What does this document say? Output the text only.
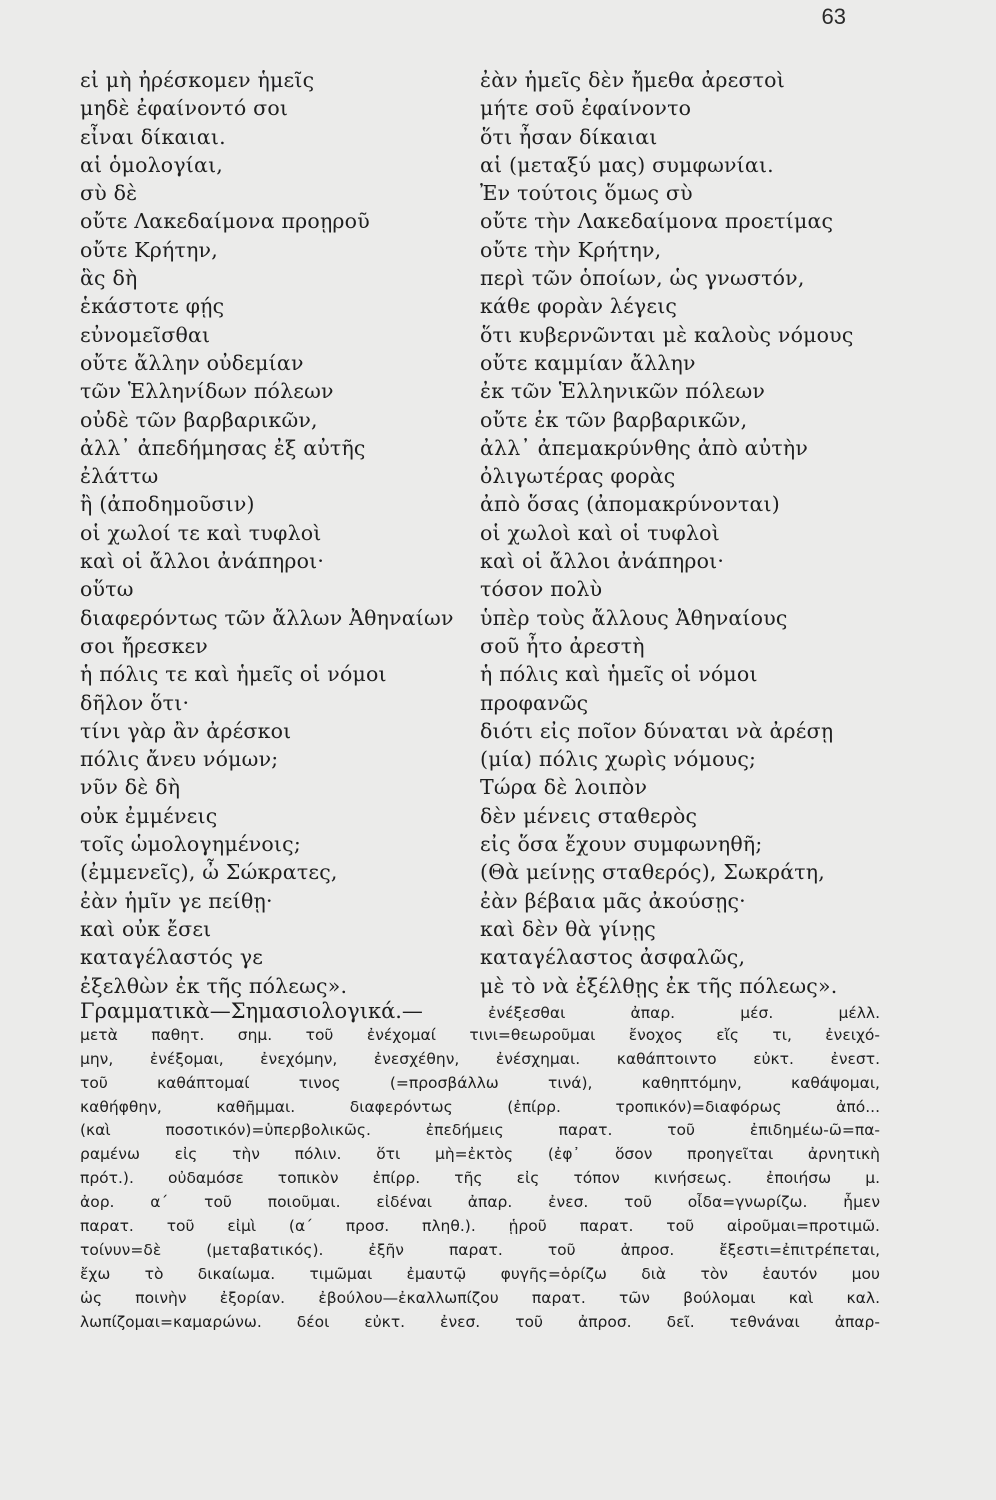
63
εἰ μὴ ἠρέσκομεν ἡμεῖς
μηδὲ ἐφαίνοντό σοι
εἶναι δίκαιαι.
αἱ ὁμολογίαι,
σὺ δὲ
οὔτε Λακεδαίμονα προῃροῦ
οὔτε Κρήτην,
ἃς δὴ
ἑκάστοτε φῄς
εὐνομεῖσθαι
οὔτε ἄλλην οὐδεμίαν
τῶν Ἑλληνίδων πόλεων
οὐδὲ τῶν βαρβαρικῶν,
ἀλλ᾽ ἀπεδήμησας ἐξ αὐτῆς
ἐλάττω
ἢ (ἀποδημοῦσιν)
οἱ χωλοί τε καὶ τυφλοὶ
καὶ οἱ ἄλλοι ἀνάπηροι·
οὕτω
διαφερόντως τῶν ἄλλων Ἀθηναίων
σοι ἤρεσκεν
ἡ πόλις τε καὶ ἡμεῖς οἱ νόμοι
δῆλον ὅτι·
τίνι γὰρ ἂν ἀρέσκοι
πόλις ἄνευ νόμων;
νῦν δὲ δὴ
οὐκ ἐμμένεις
τοῖς ὡμολογημένοις;
(ἐμμενεῖς), ὦ Σώκρατες,
ἐὰν ἡμῖν γε πείθῃ·
καὶ οὐκ ἔσει
καταγέλαστός γε
ἐξελθὼν ἐκ τῆς πόλεως».
ἐὰν ἡμεῖς δὲν ἤμεθα ἀρεστοὶ
μήτε σοῦ ἐφαίνοντο
ὅτι ἦσαν δίκαιαι
αἱ (μεταξύ μας) συμφωνίαι.
Ἐν τούτοις ὅμως σὺ
οὔτε τὴν Λακεδαίμονα προετίμας
οὔτε τὴν Κρήτην,
περὶ τῶν ὁποίων, ὡς γνωστόν,
κάθε φορὰν λέγεις
ὅτι κυβερνῶνται μὲ καλοὺς νόμους
οὔτε καμμίαν ἄλλην
ἐκ τῶν Ἑλληνικῶν πόλεων
οὔτε ἐκ τῶν βαρβαρικῶν,
ἀλλ᾽ ἀπεμακρύνθης ἀπὸ αὐτὴν
ὀλιγωτέρας φορὰς
ἀπὸ ὅσας (ἀπομακρύνονται)
οἱ χωλοὶ καὶ οἱ τυφλοὶ
καὶ οἱ ἄλλοι ἀνάπηροι·
τόσον πολὺ
ὑπὲρ τοὺς ἄλλους Ἀθηναίους
σοῦ ἦτο ἀρεστὴ
ἡ πόλις καὶ ἡμεῖς οἱ νόμοι
προφανῶς
διότι εἰς ποῖον δύναται νὰ ἀρέσῃ
(μία) πόλις χωρὶς νόμους;
Τώρα δὲ λοιπὸν
δὲν μένεις σταθερὸς
εἰς ὅσα ἔχουν συμφωνηθῆ;
(Θὰ μείνῃς σταθερός), Σωκράτη,
ἐὰν βέβαια μᾶς ἀκούσῃς·
καὶ δὲν θὰ γίνῃς
καταγέλαστος ἀσφαλῶς,
μὲ τὸ νὰ ἐξέλθῃς ἐκ τῆς πόλεως».
Γραμματικὰ—Σημασιολογικά.—	ἐνέξεσθαι ἀπαρ. μέσ. μέλλ.
μετὰ παθητ. σημ. τοῦ ἐνέχομαί τινι=θεωροῦμαι ἔνοχος εἴς τι, ἐνειχό-
μην, ἐνέξομαι, ἐνεχόμην, ἐνεσχέθην, ἐνέσχημαι. καθάπτοιντο εὐκτ. ἐνεστ.
τοῦ καθάπτομαί τινος (=προσβάλλω τινά), καθηπτόμην, καθάψομαι,
καθήφθην, καθῆμμαι. διαφερόντως (ἐπίρρ. τροπικόν)=διαφόρως ἀπό...
(καὶ ποσοτικόν)=ὑπερβολικῶς. ἐπεδήμεις παρατ. τοῦ ἐπιδημέω-ῶ=πα-
ραμένω εἰς τὴν πόλιν. ὅτι μὴ=ἐκτὸς (ἐφ᾽ ὅσον προηγεῖται ἀρνητικὴ
πρότ.). οὐδαμόσε τοπικὸν ἐπίρρ. τῆς εἰς τόπον κινήσεως. ἐποιήσω μ.
ἀορ. α´ τοῦ ποιοῦμαι. εἰδέναι ἀπαρ. ἐνεσ. τοῦ οἶδα=γνωρίζω. ἦμεν
παρατ. τοῦ εἰμὶ (α´ προσ. πληθ.). ᾑροῦ παρατ. τοῦ αἱροῦμαι=προτιμῶ.
τοίνυν=δὲ (μεταβατικός). ἐξῆν παρατ. τοῦ ἀπροσ. ἔξεστι=ἐπιτρέπεται,
ἔχω τὸ δικαίωμα. τιμῶμαι ἐμαυτῷ φυγῆς=ὁρίζω διὰ τὸν ἑαυτόν μου
ὡς ποινὴν ἐξορίαν. ἐβούλου—ἐκαλλωπίζου παρατ. τῶν βούλομαι καὶ καλ.
λωπίζομαι=καμαρώνω. δέοι εὐκτ. ἐνεσ. τοῦ ἀπροσ. δεῖ. τεθνάναι ἀπαρ-
